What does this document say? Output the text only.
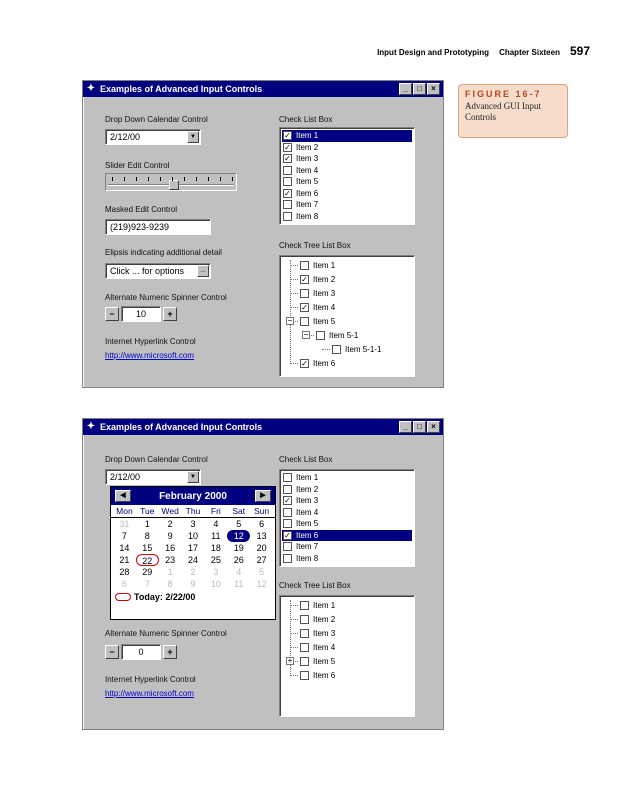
Input Design and Prototyping Chapter Sixteen 597
FIGURE 16-7
Advanced GUI Input Controls
✦ Examples of Advanced Input Controls	_	□	×
Drop Down Calendar Control
2/12/00	▼
Slider Edit Control
Masked Edit Control
(219)923-9239
Elipsis indicating additional detail
Click ... for options	...
Alternate Numeric Spinner Control
−	10	+
Internet Hyperlink Control
http://www.microsoft.com
Check List Box
✓ Item 1
✓ Item 2
✓ Item 3
Item 4
Item 5
✓ Item 6
Item 7
Item 8
Check Tree List Box
Item 1
✓ Item 2
Item 3
✓ Item 4
−	Item 5
−	Item 5-1
Item 5-1-1
✓ Item 6
✦ Examples of Advanced Input Controls	_	□	×
Drop Down Calendar Control
2/12/00	▼
Alternate Numeric Spinner Control
−	0	+
Internet Hyperlink Control
http://www.microsoft.com
Check List Box
Item 1
Item 2
✓ Item 3
Item 4
Item 5
✓ Item 6
Item 7
Item 8
Check Tree List Box
Item 1
Item 2
Item 3
Item 4
+	Item 5
Item 6
◀	February 2000	▶
Mon Tue Wed Thu	Fri	Sat	Sun
31	1	2	3	4	5	6
7	8	9	10	11	12	13
14	15	16	17	18	19	20
21	22	23	24	25	26	27
28	29	1	2	3	4	5
6	7	8	9	10	11	12
Today: 2/22/00
